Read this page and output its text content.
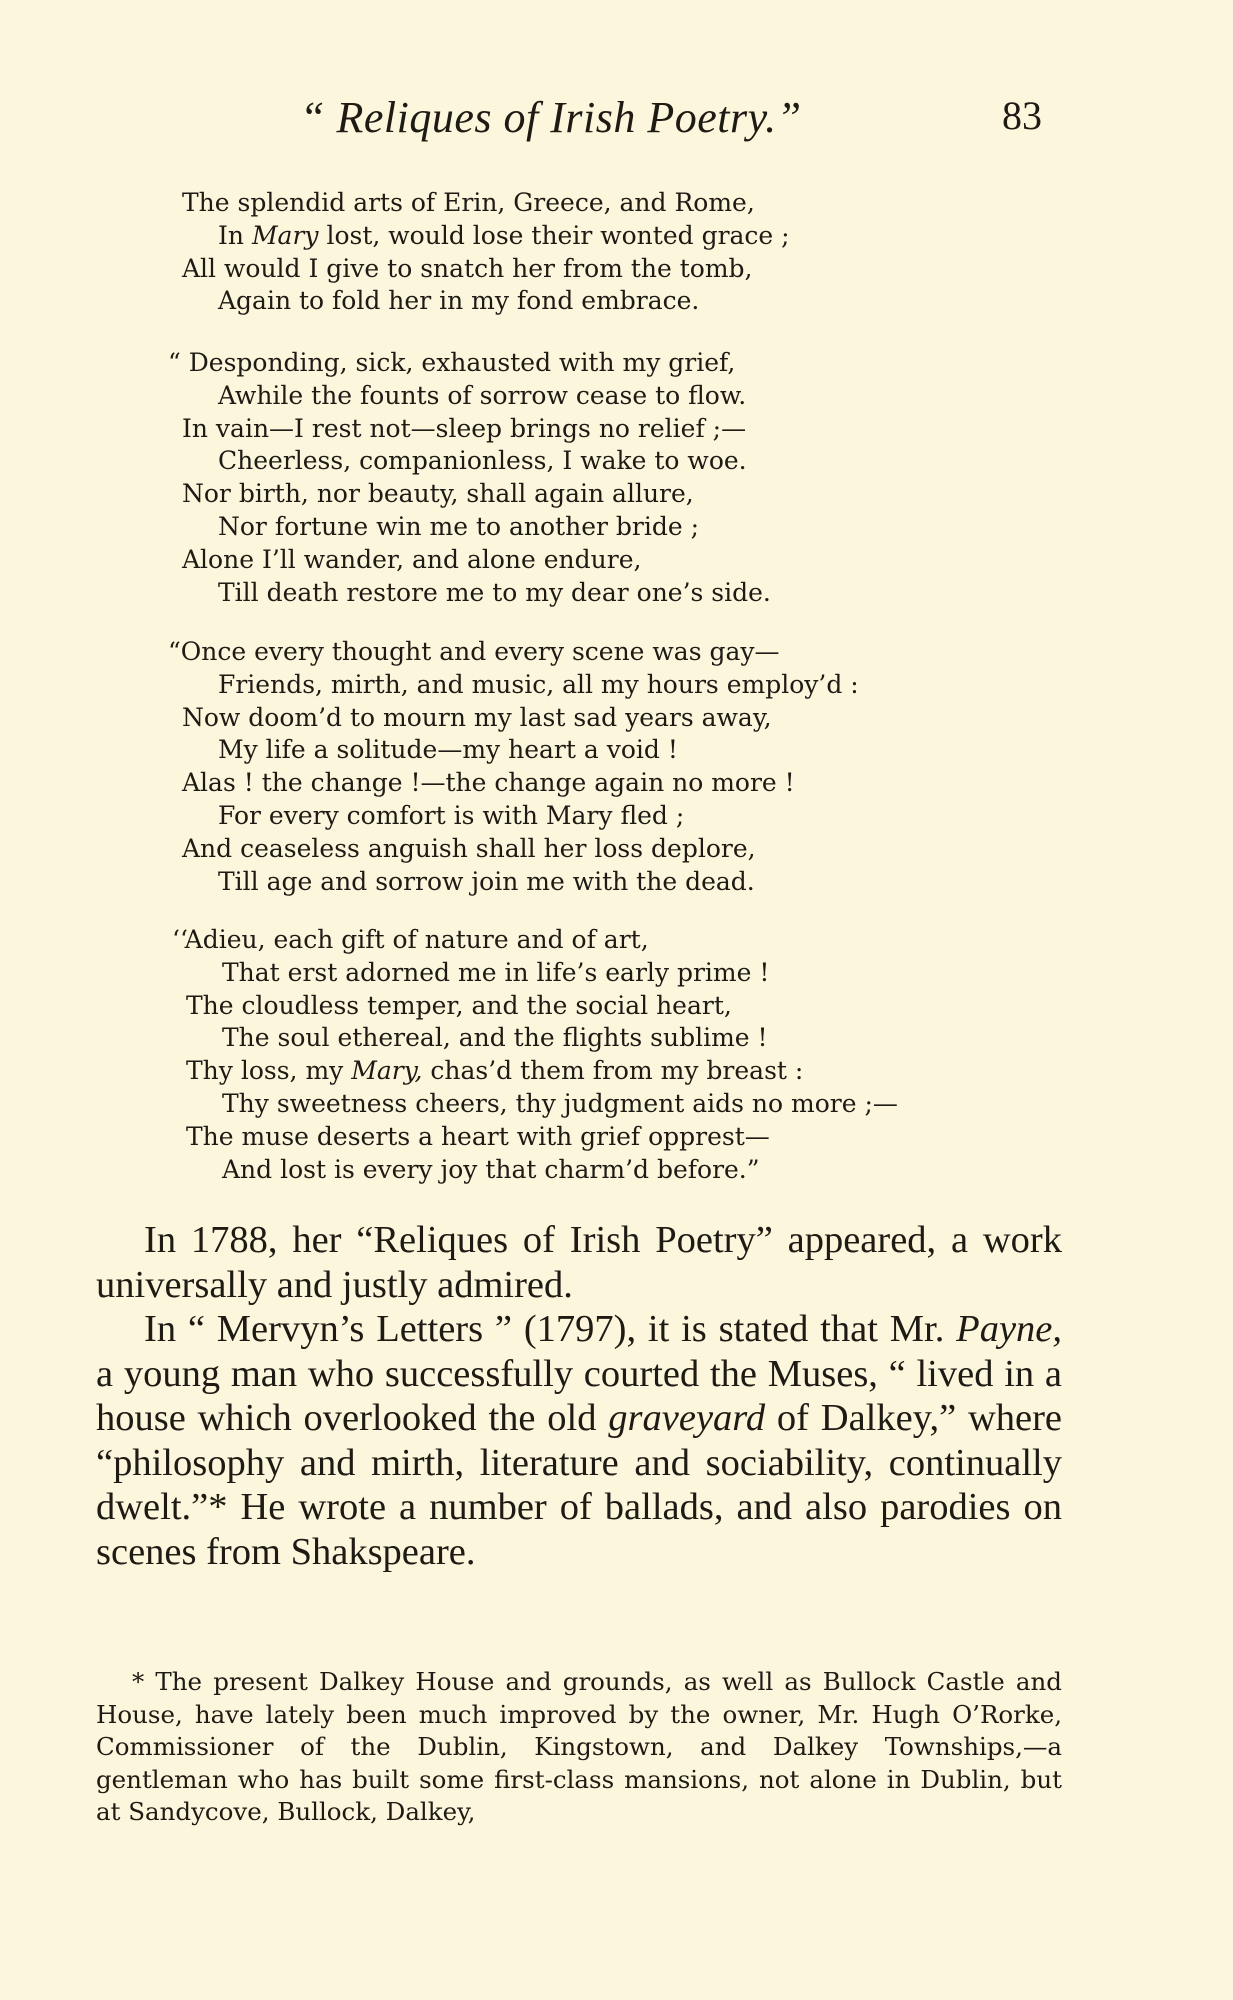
“ Reliques of Irish Poetry.”	83
The splendid arts of Erin, Greece, and Rome,
In Mary lost, would lose their wonted grace ;
All would I give to snatch her from the tomb,
Again to fold her in my fond embrace.
“ Desponding, sick, exhausted with my grief,
Awhile the founts of sorrow cease to flow.
In vain—I rest not—sleep brings no relief ;—
Cheerless, companionless, I wake to woe.
Nor birth, nor beauty, shall again allure,
Nor fortune win me to another bride ;
Alone I’ll wander, and alone endure,
Till death restore me to my dear one’s side.
“Once every thought and every scene was gay—
Friends, mirth, and music, all my hours employ’d :
Now doom’d to mourn my last sad years away,
My life a solitude—my heart a void !
Alas ! the change !—the change again no more !
For every comfort is with Mary fled ;
And ceaseless anguish shall her loss deplore,
Till age and sorrow join me with the dead.
‘‘Adieu, each gift of nature and of art,
That erst adorned me in life’s early prime !
The cloudless temper, and the social heart,
The soul ethereal, and the flights sublime !
Thy loss, my Mary, chas’d them from my breast :
Thy sweetness cheers, thy judgment aids no more ;—
The muse deserts a heart with grief opprest—
And lost is every joy that charm’d before.”

In 1788, her “Reliques of Irish Poetry” appeared, a work universally and justly admired.

In “ Mervyn’s Letters ” (1797), it is stated that Mr. Payne, a young man who successfully courted the Muses, “ lived in a house which overlooked the old graveyard of Dalkey,” where “philosophy and mirth, literature and sociability, continually dwelt.”* He wrote a number of ballads, and also parodies on scenes from Shakspeare.

* The present Dalkey House and grounds, as well as Bullock Castle and House, have lately been much improved by the owner, Mr. Hugh O’Rorke, Commissioner of the Dublin, Kingstown, and Dalkey Townships,—a gentleman who has built some first-class mansions, not alone in Dublin, but at Sandycove, Bullock, Dalkey,
